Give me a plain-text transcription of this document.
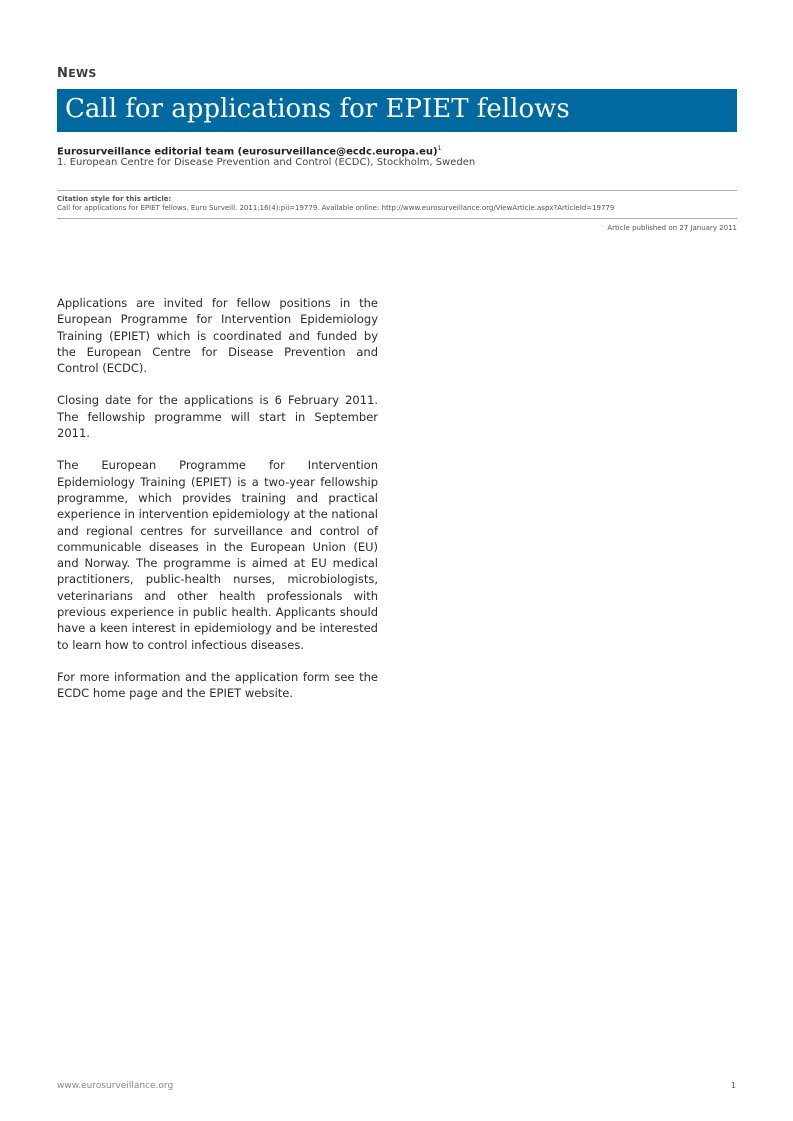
NEWS
Call for applications for EPIET fellows
Eurosurveillance editorial team (eurosurveillance@ecdc.europa.eu)$^1$
1. European Centre for Disease Prevention and Control (ECDC), Stockholm, Sweden
Citation style for this article:
Call for applications for EPIET fellows. Euro Surveill. 2011;16(4):pii=19779. Available online: http://www.eurosurveillance.org/ViewArticle.aspx?ArticleId=19779
Article published on 27 January 2011

Applications are invited for fellow positions in the European Programme for Intervention Epidemiology Training (EPIET) which is coordinated and funded by the European Centre for Disease Prevention and Control (ECDC).

Closing date for the applications is 6 February 2011. The fellowship programme will start in September 2011.

The European Programme for Intervention Epidemiology Training (EPIET) is a two-year fellowship programme, which provides training and practical experience in intervention epidemiology at the national and regional centres for surveillance and control of communicable diseases in the European Union (EU) and Norway. The programme is aimed at EU medical practitioners, public-health nurses, microbiologists, veterinarians and other health professionals with previous experience in public health. Applicants should have a keen interest in epidemiology and be interested to learn how to control infectious diseases.

For more information and the application form see the ECDC home page and the EPIET website.

www.eurosurveillance.org	1
